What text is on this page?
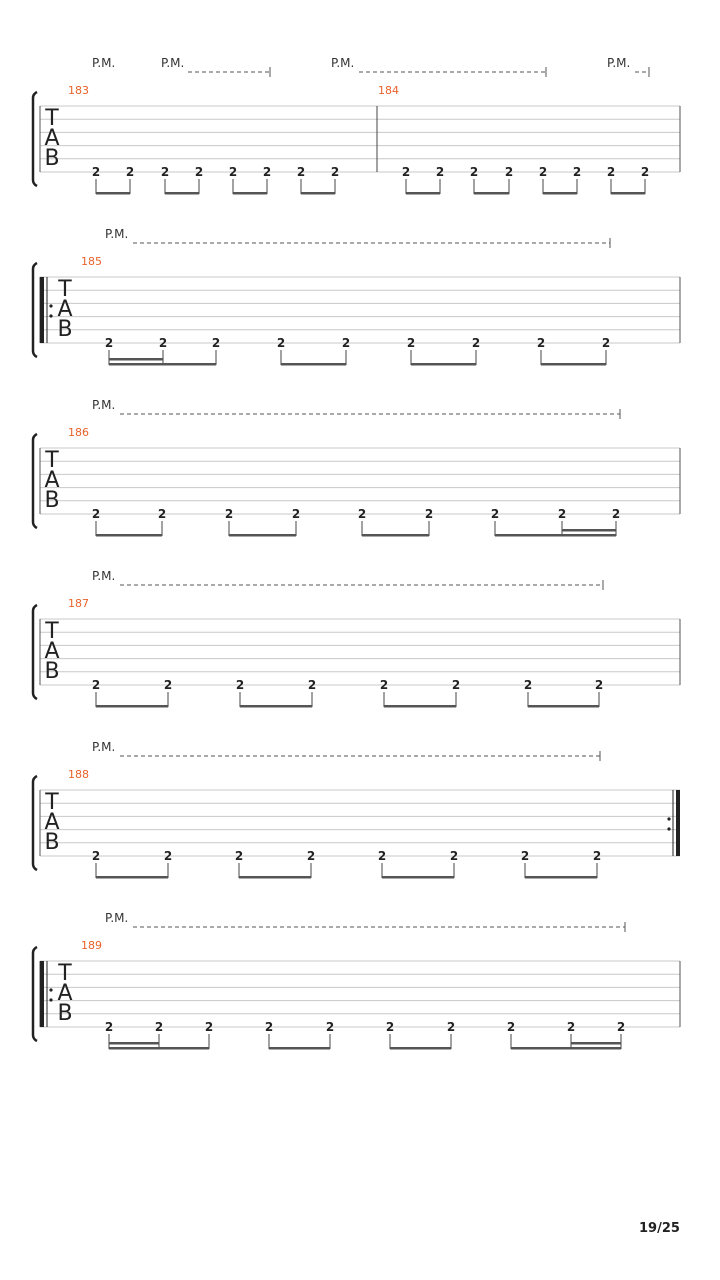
T
A
B
183	184
P.M.	P.M.	P.M.	P.M.
2 2 2 2 2 2 2 2	2 2 2 2 2 2 2 2
T
A
B
185
P.M.
2	2	2	2	2	2	2	2	2
T
A
B
186
P.M.
2	2	2	2	2	2	2	2	2
T
A
B
187
P.M.
2	2	2	2	2	2	2	2
T
A
B
188
P.M.
2	2	2	2	2	2	2	2
T
A
B
189
P.M.
2	2	2	2	2	2	2	2	2	2
19/25
